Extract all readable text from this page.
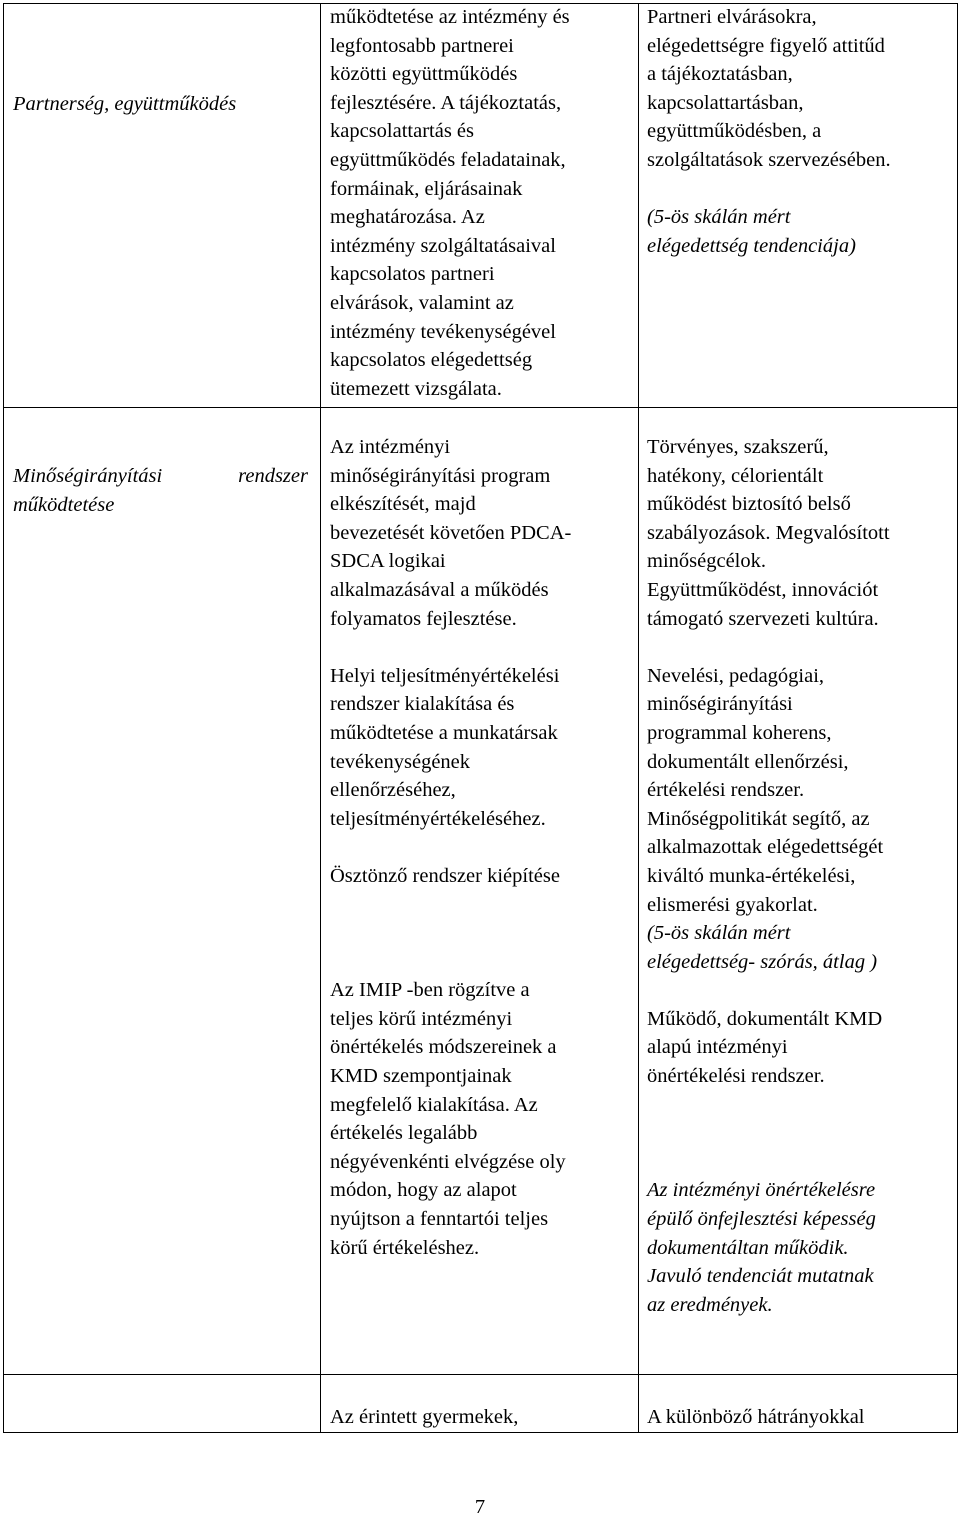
Partnerség, együttműködés

működtetése az intézmény és
legfontosabb partnerei
közötti együttműködés
fejlesztésére. A tájékoztatás,
kapcsolattartás és
együttműködés feladatainak,
formáinak, eljárásainak
meghatározása. Az
intézmény szolgáltatásaival
kapcsolatos partneri
elvárások, valamint az
intézmény tevékenységével
kapcsolatos elégedettség
ütemezett vizsgálata.

Partneri elvárásokra,
elégedettségre figyelő attitűd
a tájékoztatásban,
kapcsolattartásban,
együttműködésben, a
szolgáltatások szervezésében.

(5-ös skálán mért
elégedettség tendenciája)

Minőségirányítási rendszer működtetése

Az intézményi
minőségirányítási program
elkészítését, majd
bevezetését követően PDCA-
SDCA logikai
alkalmazásával a működés
folyamatos fejlesztése.

Helyi teljesítményértékelési
rendszer kialakítása és
működtetése a munkatársak
tevékenységének
ellenőrzéséhez,
teljesítményértékeléséhez.

Ösztönző rendszer kiépítése

Az IMIP -ben rögzítve a
teljes körű intézményi
önértékelés módszereinek a
KMD szempontjainak
megfelelő kialakítása. Az
értékelés legalább
négyévenkénti elvégzése oly
módon, hogy az alapot
nyújtson a fenntartói teljes
körű értékeléshez.

Törvényes, szakszerű,
hatékony, célorientált
működést biztosító belső
szabályozások. Megvalósított
minőségcélok.
Együttműködést, innovációt
támogató szervezeti kultúra.

Nevelési, pedagógiai,
minőségirányítási
programmal koherens,
dokumentált ellenőrzési,
értékelési rendszer.
Minőségpolitikát segítő, az
alkalmazottak elégedettségét
kiváltó munka-értékelési,
elismerési gyakorlat.

(5-ös skálán mért
elégedettség- szórás, átlag )

Működő, dokumentált KMD
alapú intézményi
önértékelési rendszer.

Az intézményi önértékelésre
épülő önfejlesztési képesség
dokumentáltan működik.
Javuló tendenciát mutatnak
az eredmények.

Az érintett gyermekek,	A különböző hátrányokkal

7
